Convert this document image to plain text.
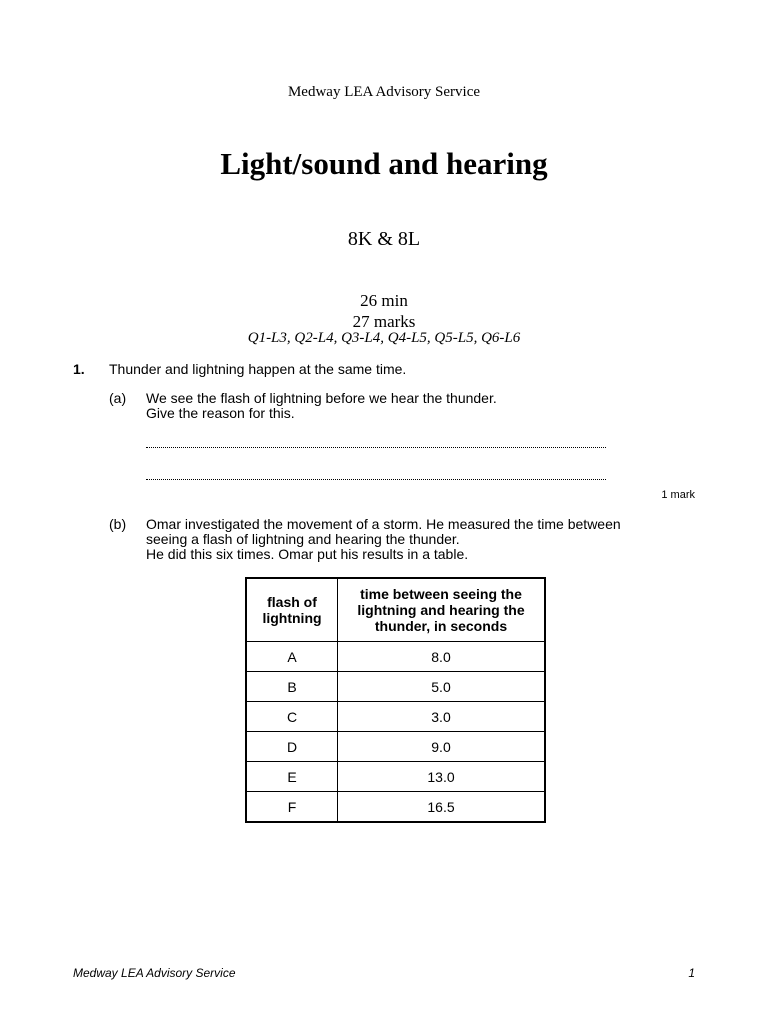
Medway LEA Advisory Service
Light/sound and hearing
8K & 8L
26 min
27 marks
Q1-L3, Q2-L4, Q3-L4, Q4-L5, Q5-L5, Q6-L6
1. Thunder and lightning happen at the same time.
(a) We see the flash of lightning before we hear the thunder.
Give the reason for this.
1 mark
(b) Omar investigated the movement of a storm. He measured the time between
seeing a flash of lightning and hearing the thunder.
He did this six times. Omar put his results in a table.
flash of lightning	time between seeing the lightning and hearing the thunder, in seconds
A	8.0
B	5.0
C	3.0
D	9.0
E	13.0
F	16.5
Medway LEA Advisory Service	1
